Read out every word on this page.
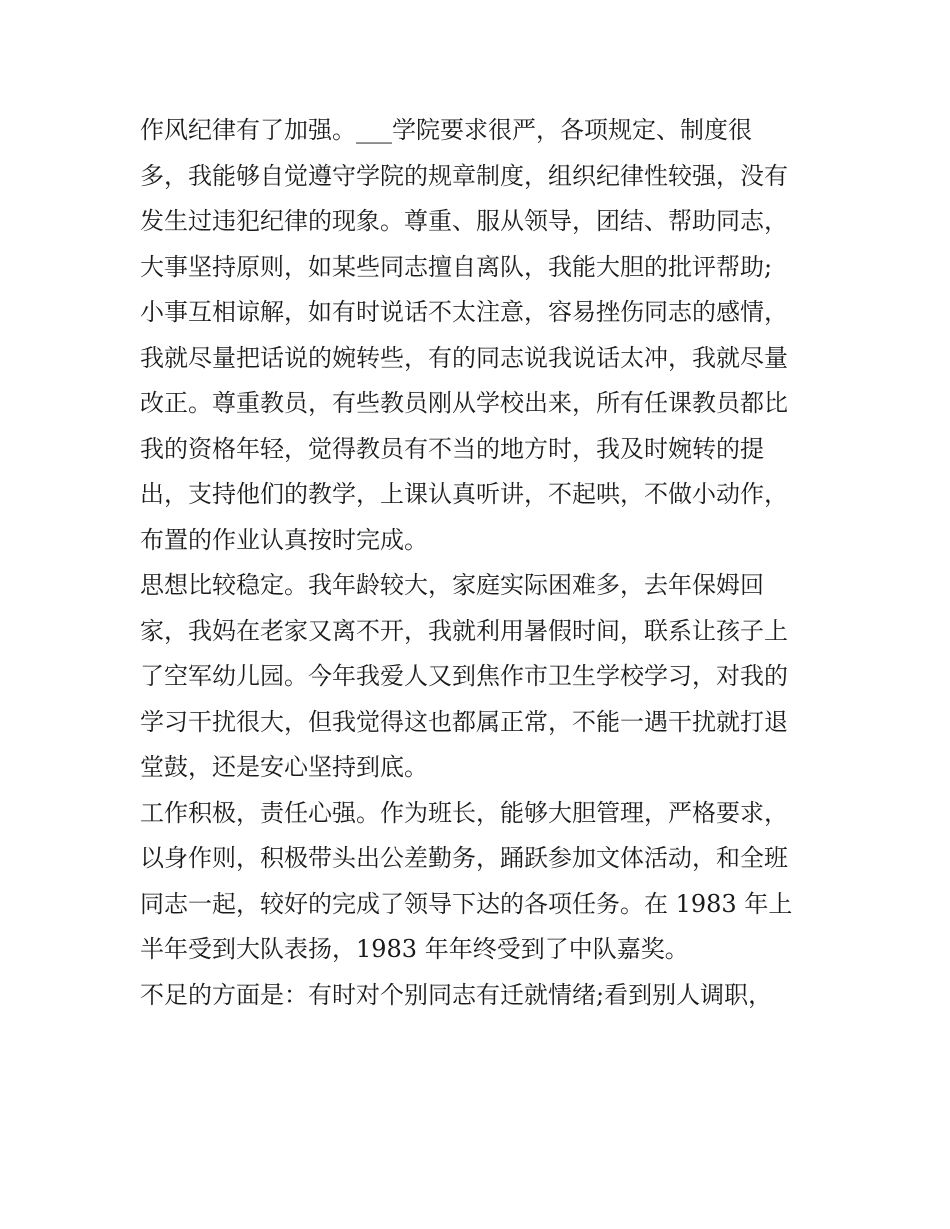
作风纪律有了加强。___学院要求很严，各项规定、制度很
多，我能够自觉遵守学院的规章制度，组织纪律性较强，没有
发生过违犯纪律的现象。尊重、服从领导，团结、帮助同志，
大事坚持原则，如某些同志擅自离队，我能大胆的批评帮助;
小事互相谅解，如有时说话不太注意，容易挫伤同志的感情，
我就尽量把话说的婉转些，有的同志说我说话太冲，我就尽量
改正。尊重教员，有些教员刚从学校出来，所有任课教员都比
我的资格年轻，觉得教员有不当的地方时，我及时婉转的提
出，支持他们的教学，上课认真听讲，不起哄，不做小动作，
布置的作业认真按时完成。
思想比较稳定。我年龄较大，家庭实际困难多，去年保姆回
家，我妈在老家又离不开，我就利用暑假时间，联系让孩子上
了空军幼儿园。今年我爱人又到焦作市卫生学校学习，对我的
学习干扰很大，但我觉得这也都属正常，不能一遇干扰就打退
堂鼓，还是安心坚持到底。
工作积极，责任心强。作为班长，能够大胆管理，严格要求，
以身作则，积极带头出公差勤务，踊跃参加文体活动，和全班
同志一起，较好的完成了领导下达的各项任务。在 1983 年上
半年受到大队表扬，1983 年年终受到了中队嘉奖。
不足的方面是：有时对个别同志有迁就情绪;看到别人调职，
